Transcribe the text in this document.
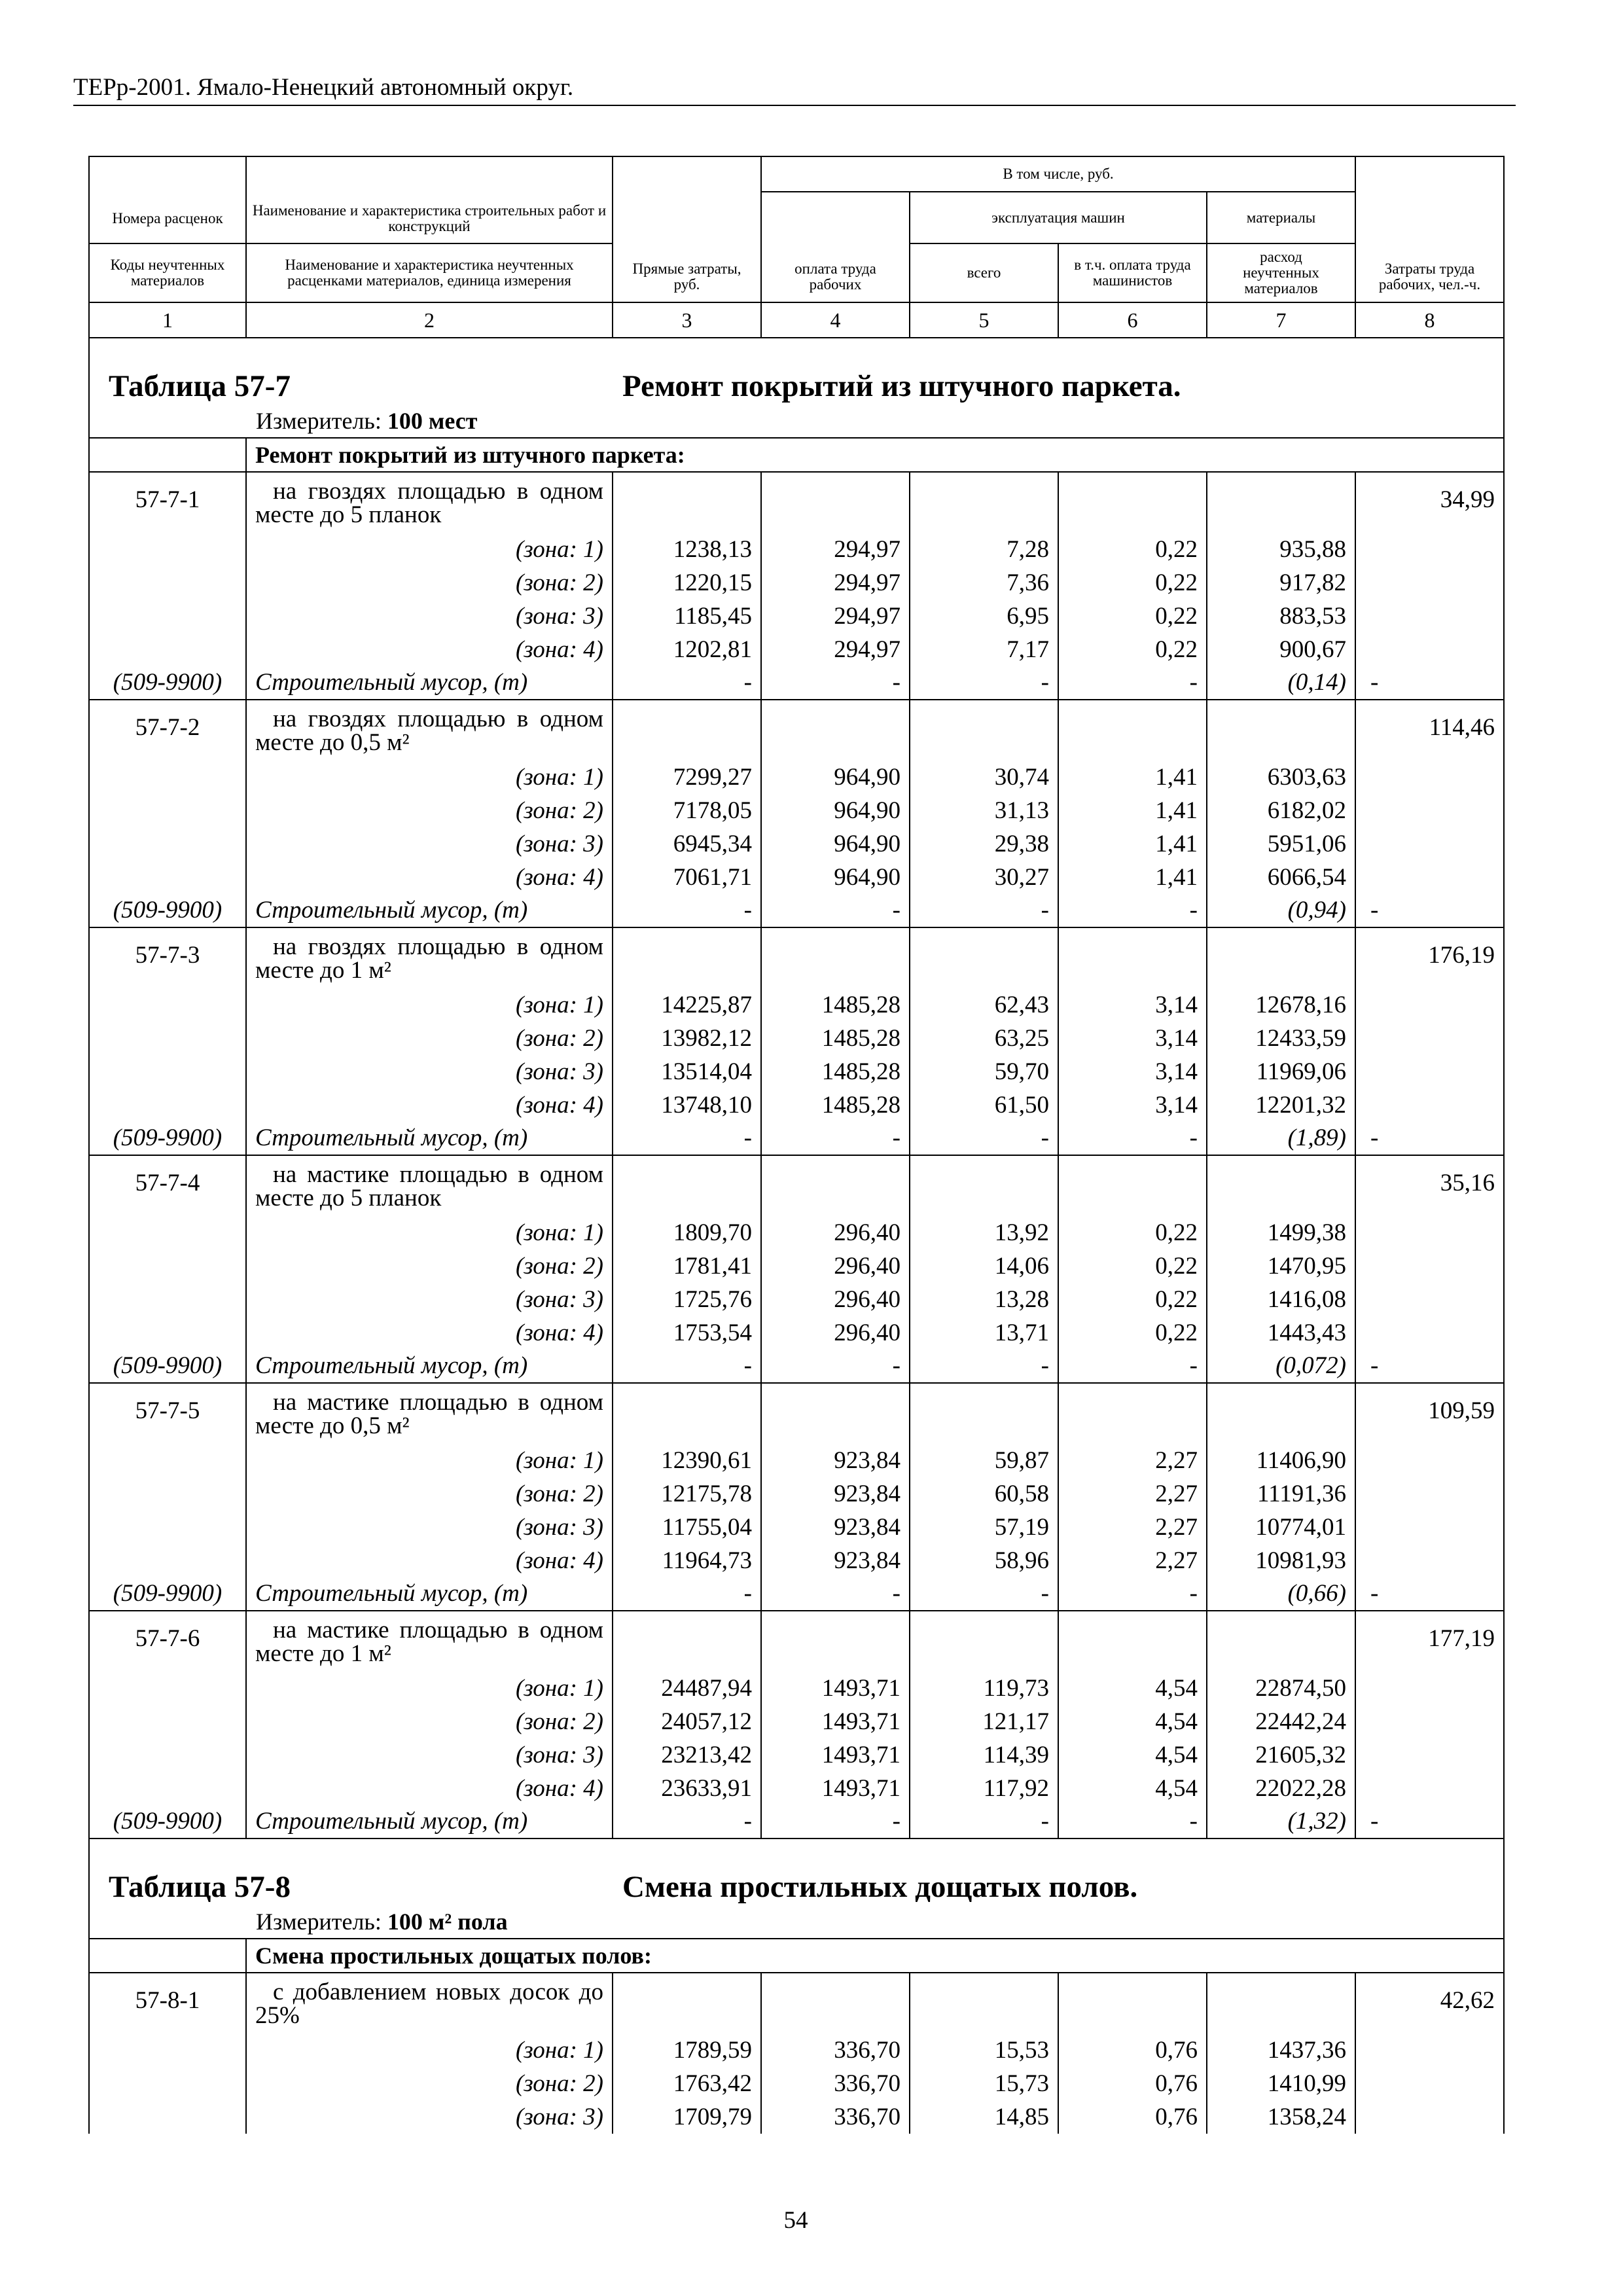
ТЕРр-2001. Ямало-Ненецкий автономный округ.
Номера расценок	Наименование и характеристика строительных работ и конструкций	Прямые затраты, руб.	В том числе, руб.				Затраты труда рабочих, чел.-ч.
			оплата труда рабочих	эксплуатация машин		материалы	
Коды неучтенных материалов	Наименование и характеристика неучтенных расценками материалов, единица измерения			всего	в т.ч. оплата труда машинистов	расход неучтенных материалов	
1	2	3	4	5	6	7	8

Таблица 57-7 Ремонт покрытий из штучного паркета.
Измеритель: 100 мест							

	Ремонт покрытий из штучного паркета:						

57-7-1	на гвоздях площадью в одном
месте до 5 планок						34,99
	(зона: 1)	1238,13	294,97	7,28	0,22	935,88	
	(зона: 2)	1220,15	294,97	7,36	0,22	917,82	
	(зона: 3)	1185,45	294,97	6,95	0,22	883,53	
	(зона: 4)	1202,81	294,97	7,17	0,22	900,67	
(509-9900)	Строительный мусор, (т)	-	-	-	-	(0,14)	-
57-7-2	на гвоздях площадью в одном
месте до 0,5 м²						114,46
	(зона: 1)	7299,27	964,90	30,74	1,41	6303,63	
	(зона: 2)	7178,05	964,90	31,13	1,41	6182,02	
	(зона: 3)	6945,34	964,90	29,38	1,41	5951,06	
	(зона: 4)	7061,71	964,90	30,27	1,41	6066,54	
(509-9900)	Строительный мусор, (т)	-	-	-	-	(0,94)	-
57-7-3	на гвоздях площадью в одном
месте до 1 м²						176,19
	(зона: 1)	14225,87	1485,28	62,43	3,14	12678,16	
	(зона: 2)	13982,12	1485,28	63,25	3,14	12433,59	
	(зона: 3)	13514,04	1485,28	59,70	3,14	11969,06	
	(зона: 4)	13748,10	1485,28	61,50	3,14	12201,32	
(509-9900)	Строительный мусор, (т)	-	-	-	-	(1,89)	-
57-7-4	на мастике площадью в одном
месте до 5 планок						35,16
	(зона: 1)	1809,70	296,40	13,92	0,22	1499,38	
	(зона: 2)	1781,41	296,40	14,06	0,22	1470,95	
	(зона: 3)	1725,76	296,40	13,28	0,22	1416,08	
	(зона: 4)	1753,54	296,40	13,71	0,22	1443,43	
(509-9900)	Строительный мусор, (т)	-	-	-	-	(0,072)	-
57-7-5	на мастике площадью в одном
месте до 0,5 м²						109,59
	(зона: 1)	12390,61	923,84	59,87	2,27	11406,90	
	(зона: 2)	12175,78	923,84	60,58	2,27	11191,36	
	(зона: 3)	11755,04	923,84	57,19	2,27	10774,01	
	(зона: 4)	11964,73	923,84	58,96	2,27	10981,93	
(509-9900)	Строительный мусор, (т)	-	-	-	-	(0,66)	-
57-7-6	на мастике площадью в одном
месте до 1 м²						177,19
	(зона: 1)	24487,94	1493,71	119,73	4,54	22874,50	
	(зона: 2)	24057,12	1493,71	121,17	4,54	22442,24	
	(зона: 3)	23213,42	1493,71	114,39	4,54	21605,32	
	(зона: 4)	23633,91	1493,71	117,92	4,54	22022,28	
(509-9900)	Строительный мусор, (т)	-	-	-	-	(1,32)	-

Таблица 57-8 Смена простильных дощатых полов.
Измеритель: 100 м² пола							

	Смена простильных дощатых полов:						

57-8-1	с добавлением новых досок до
25%						42,62
	(зона: 1)	1789,59	336,70	15,53	0,76	1437,36	
	(зона: 2)	1763,42	336,70	15,73	0,76	1410,99	
	(зона: 3)	1709,79	336,70	14,85	0,76	1358,24	
54
